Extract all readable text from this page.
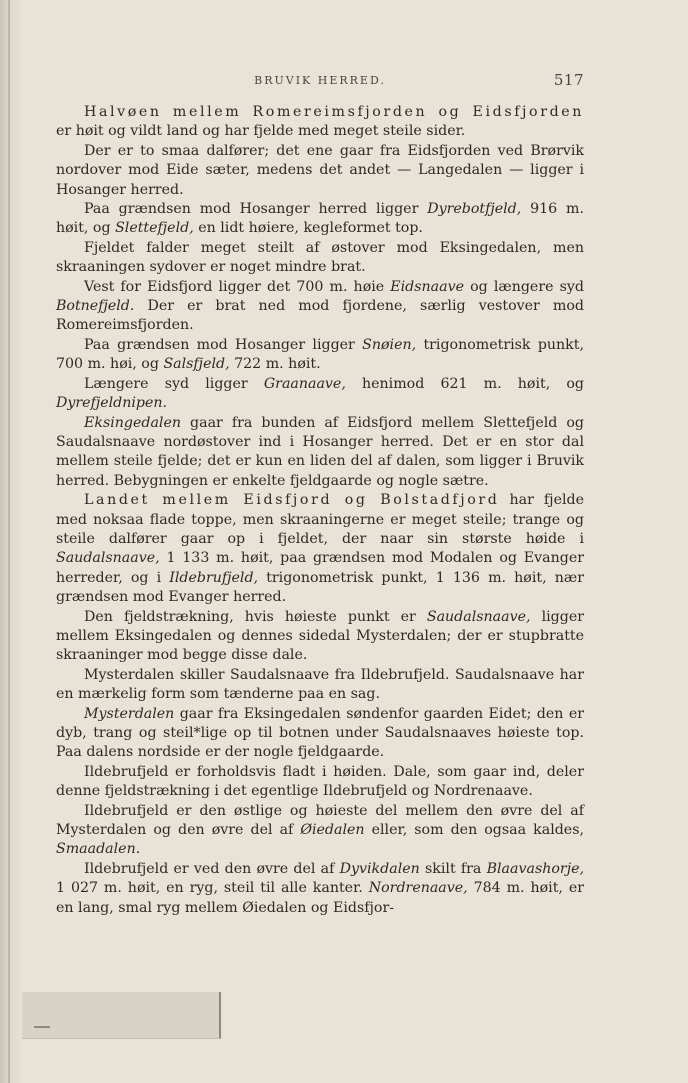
BRUVIK HERRED.	517

Halvøen mellem Romereimsfjorden og Eidsfjorden er høit og vildt land og har fjelde med meget steile sider.

Der er to smaa dalfører; det ene gaar fra Eidsfjorden ved Brørvik nordover mod Eide sæter, medens det andet — Langedalen — ligger i Hosanger herred.

Paa grændsen mod Hosanger herred ligger Dyrebotfjeld, 916 m. høit, og Slettefjeld, en lidt høiere, kegleformet top.

Fjeldet falder meget steilt af østover mod Eksingedalen, men skraaningen sydover er noget mindre brat.

Vest for Eidsfjord ligger det 700 m. høie Eidsnaave og længere syd Botnefjeld. Der er brat ned mod fjordene, særlig vestover mod Romereimsfjorden.

Paa grændsen mod Hosanger ligger Snøien, trigonometrisk punkt, 700 m. høi, og Salsfjeld, 722 m. høit.

Længere syd ligger Graanaave, henimod 621 m. høit, og Dyrefjeldnipen.

Eksingedalen gaar fra bunden af Eidsfjord mellem Slettefjeld og Saudalsnaave nordøstover ind i Hosanger herred. Det er en stor dal mellem steile fjelde; det er kun en liden del af dalen, som ligger i Bruvik herred. Bebygningen er enkelte fjeldgaarde og nogle sætre.

Landet mellem Eidsfjord og Bolstadfjord har fjelde med noksaa flade toppe, men skraaningerne er meget steile; trange og steile dalfører gaar op i fjeldet, der naar sin største høide i Saudalsnaave, 1 133 m. høit, paa grændsen mod Modalen og Evanger herreder, og i Ildebrufjeld, trigonometrisk punkt, 1 136 m. høit, nær grændsen mod Evanger herred.

Den fjeldstrækning, hvis høieste punkt er Saudalsnaave, ligger mellem Eksingedalen og dennes sidedal Mysterdalen; der er stupbratte skraaninger mod begge disse dale.

Mysterdalen skiller Saudalsnaave fra Ildebrufjeld. Saudalsnaave har en mærkelig form som tænderne paa en sag.

Mysterdalen gaar fra Eksingedalen søndenfor gaarden Eidet; den er dyb, trang og steil*lige op til botnen under Saudalsnaaves høieste top. Paa dalens nordside er der nogle fjeldgaarde.

Ildebrufjeld er forholdsvis fladt i høiden. Dale, som gaar ind, deler denne fjeldstrækning i det egentlige Ildebrufjeld og Nordrenaave.

Ildebrufjeld er den østlige og høieste del mellem den øvre del af Mysterdalen og den øvre del af Øiedalen eller, som den ogsaa kaldes, Smaadalen.

Ildebrufjeld er ved den øvre del af Dyvikdalen skilt fra Blaavashorje, 1 027 m. høit, en ryg, steil til alle kanter. Nordrenaave, 784 m. høit, er en lang, smal ryg mellem Øiedalen og Eidsfjor-
